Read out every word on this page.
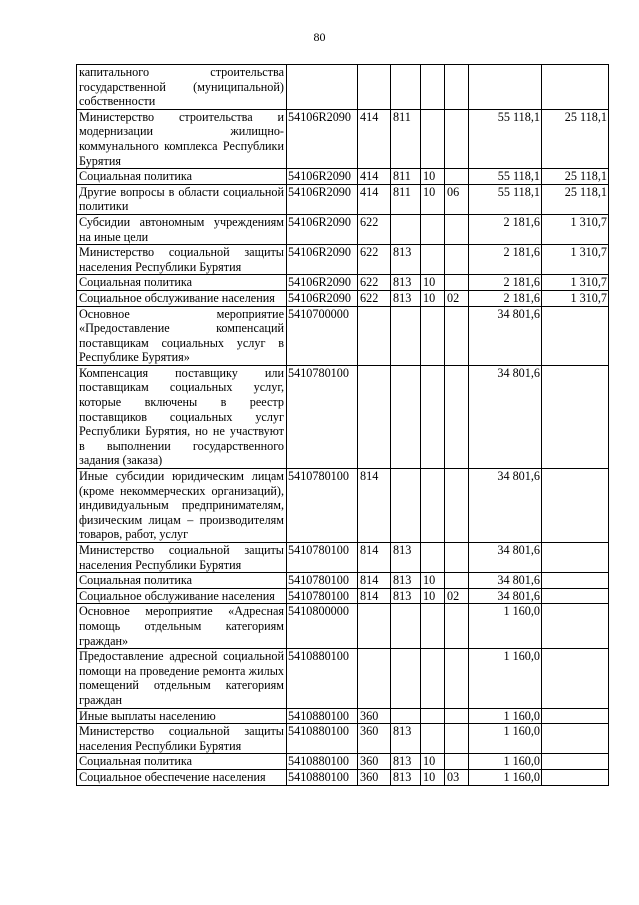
80
капитального строительства государственной (муниципальной) собственности							
Министерство строительства и модернизации жилищно-коммунального комплекса Республики Бурятия	54106R2090	414	811			55 118,1	25 118,1
Социальная политика	54106R2090	414	811	10		55 118,1	25 118,1
Другие вопросы в области социальной политики	54106R2090	414	811	10	06	55 118,1	25 118,1
Субсидии автономным учреждениям на иные цели	54106R2090	622				2 181,6	1 310,7
Министерство социальной защиты населения Республики Бурятия	54106R2090	622	813			2 181,6	1 310,7
Социальная политика	54106R2090	622	813	10		2 181,6	1 310,7
Социальное обслуживание населения	54106R2090	622	813	10	02	2 181,6	1 310,7
Основное мероприятие «Предоставление компенсаций поставщикам социальных услуг в Республике Бурятия»	5410700000					34 801,6	
Компенсация поставщику или поставщикам социальных услуг, которые включены в реестр поставщиков социальных услуг Республики Бурятия, но не участвуют в выполнении государственного задания (заказа)	5410780100					34 801,6	
Иные субсидии юридическим лицам (кроме некоммерческих организаций), индивидуальным предпринимателям, физическим лицам – производителям товаров, работ, услуг	5410780100	814				34 801,6	
Министерство социальной защиты населения Республики Бурятия	5410780100	814	813			34 801,6	
Социальная политика	5410780100	814	813	10		34 801,6	
Социальное обслуживание населения	5410780100	814	813	10	02	34 801,6	
Основное мероприятие «Адресная помощь отдельным категориям граждан»	5410800000					1 160,0	
Предоставление адресной социальной помощи на проведение ремонта жилых помещений отдельным категориям граждан	5410880100					1 160,0	
Иные выплаты населению	5410880100	360				1 160,0	
Министерство социальной защиты населения Республики Бурятия	5410880100	360	813			1 160,0	
Социальная политика	5410880100	360	813	10		1 160,0	
Социальное обеспечение населения	5410880100	360	813	10	03	1 160,0	
